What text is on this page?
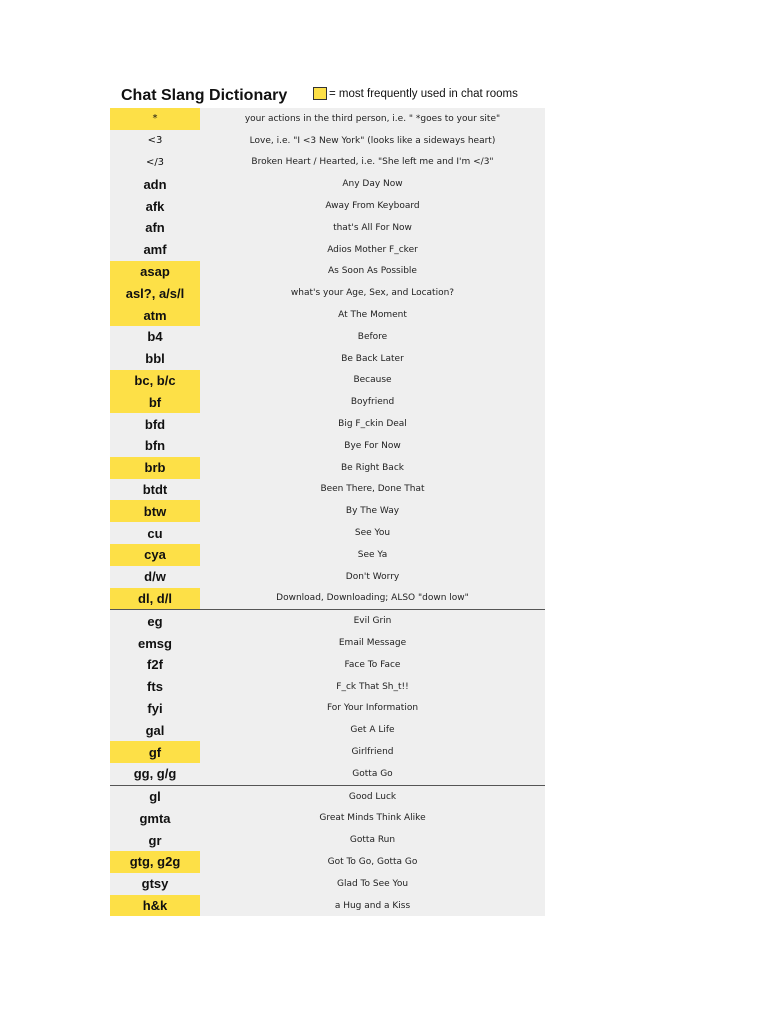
Chat Slang Dictionary	= most frequently used in chat rooms
*	your actions in the third person, i.e. " *goes to your site"
<3	Love, i.e. "I <3 New York" (looks like a sideways heart)
</3	Broken Heart / Hearted, i.e. "She left me and I'm </3"
adn	Any Day Now
afk	Away From Keyboard
afn	that's All For Now
amf	Adios Mother F_cker
asap	As Soon As Possible
asl?, a/s/l	what's your Age, Sex, and Location?
atm	At The Moment
b4	Before
bbl	Be Back Later
bc, b/c	Because
bf	Boyfriend
bfd	Big F_ckin Deal
bfn	Bye For Now
brb	Be Right Back
btdt	Been There, Done That
btw	By The Way
cu	See You
cya	See Ya
d/w	Don't Worry
dl, d/l	Download, Downloading; ALSO "down low"
eg	Evil Grin
emsg	Email Message
f2f	Face To Face
fts	F_ck That Sh_t!!
fyi	For Your Information
gal	Get A Life
gf	Girlfriend
gg, g/g	Gotta Go
gl	Good Luck
gmta	Great Minds Think Alike
gr	Gotta Run
gtg, g2g	Got To Go, Gotta Go
gtsy	Glad To See You
h&k	a Hug and a Kiss
